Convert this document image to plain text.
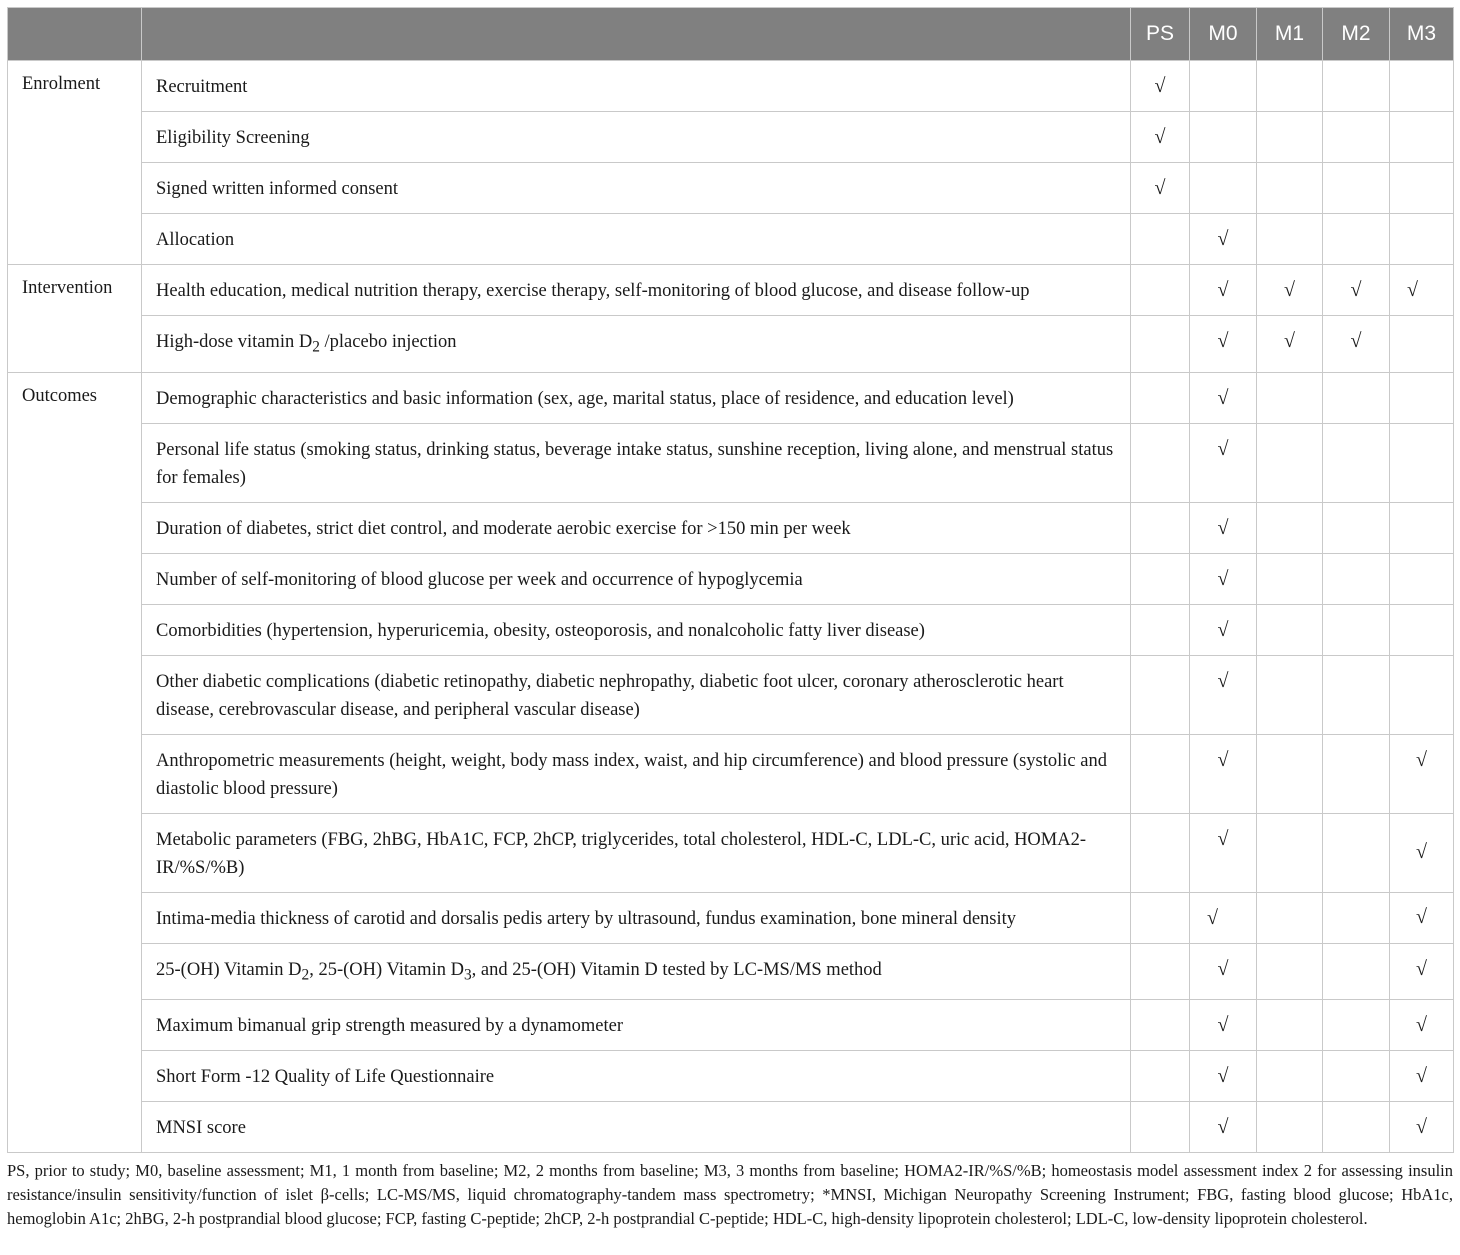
		PS	M0	M1	M2	M3
Enrolment	Recruitment	√				
	Eligibility Screening	√				
	Signed written informed consent	√				
	Allocation		√			
Intervention	Health education, medical nutrition therapy, exercise therapy, self-monitoring of blood glucose, and disease follow-up		√	√	√	√
	High-dose vitamin $D_2$ /placebo injection		√	√	√	
Outcomes	Demographic characteristics and basic information (sex, age, marital status, place of residence, and education level)		√			
	Personal life status (smoking status, drinking status, beverage intake status, sunshine reception, living alone, and menstrual status for females)		√			
	Duration of diabetes, strict diet control, and moderate aerobic exercise for >150 min per week		√			
	Number of self-monitoring of blood glucose per week and occurrence of hypoglycemia		√			
	Comorbidities (hypertension, hyperuricemia, obesity, osteoporosis, and nonalcoholic fatty liver disease)		√			
	Other diabetic complications (diabetic retinopathy, diabetic nephropathy, diabetic foot ulcer, coronary atherosclerotic heart disease, cerebrovascular disease, and peripheral vascular disease)		√			
	Anthropometric measurements (height, weight, body mass index, waist, and hip circumference) and blood pressure (systolic and diastolic blood pressure)		√			√
	Metabolic parameters (FBG, 2hBG, HbA1C, FCP, 2hCP, triglycerides, total cholesterol, HDL-C, LDL-C, uric acid, HOMA2-IR/%S/%B)		√			√
	Intima-media thickness of carotid and dorsalis pedis artery by ultrasound, fundus examination, bone mineral density		√			√
	25-(OH) Vitamin $D_2$, 25-(OH) Vitamin $D_3$, and 25-(OH) Vitamin D tested by LC-MS/MS method		√			√
	Maximum bimanual grip strength measured by a dynamometer		√			√
	Short Form -12 Quality of Life Questionnaire		√			√
	MNSI score		√			√
PS, prior to study; M0, baseline assessment; M1, 1 month from baseline; M2, 2 months from baseline; M3, 3 months from baseline; HOMA2-IR/%S/%B; homeostasis model assessment index 2 for assessing insulin resistance/insulin sensitivity/function of islet β-cells; LC-MS/MS, liquid chromatography-tandem mass spectrometry; *MNSI, Michigan Neuropathy Screening Instrument; FBG, fasting blood glucose; HbA1c, hemoglobin A1c; 2hBG, 2-h postprandial blood glucose; FCP, fasting C-peptide; 2hCP, 2-h postprandial C-peptide; HDL-C, high-density lipoprotein cholesterol; LDL-C, low-density lipoprotein cholesterol.
